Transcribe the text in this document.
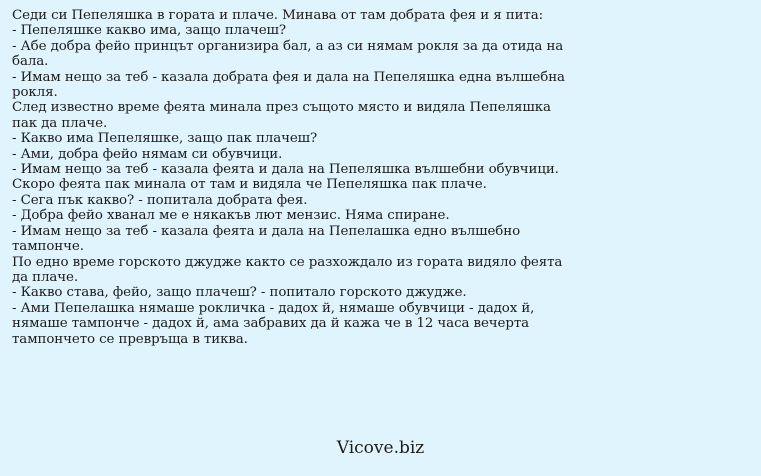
Седи си Пепеляшка в гората и плаче. Минава от там добрата фея и я пита:
- Пепеляшке какво има, защо плачеш?
- Абе добра фейо принцът организира бал, а аз си нямам рокля за да отида на
бала.
- Имам нещо за теб - казала добрата фея и дала на Пепеляшка една вълшебна
рокля.
След известно време феята минала през същото място и видяла Пепеляшка
пак да плаче.
- Какво има Пепеляшке, защо пак плачеш?
- Ами, добра фейо нямам си обувчици.
- Имам нещо за теб - казала феята и дала на Пепеляшка вълшебни обувчици.
Скоро феята пак минала от там и видяла че Пепеляшка пак плаче.
- Сега пък какво? - попитала добрата фея.
- Добра фейо хванал ме е някакъв лют мензис. Няма спиране.
- Имам нещо за теб - казала феята и дала на Пепелашка едно вълшебно
тампонче.
По едно време горското джудже както се разхождало из гората видяло феята
да плаче.
- Какво става, фейо, защо плачеш? - попитало горското джудже.
- Ами Пепелашка нямаше рокличка - дадох й, нямаше обувчици - дадох й,
нямаше тампонче - дадох й, ама забравих да й кажа че в 12 часа вечерта
тампончето се превръща в тиква.
Vicove.biz
